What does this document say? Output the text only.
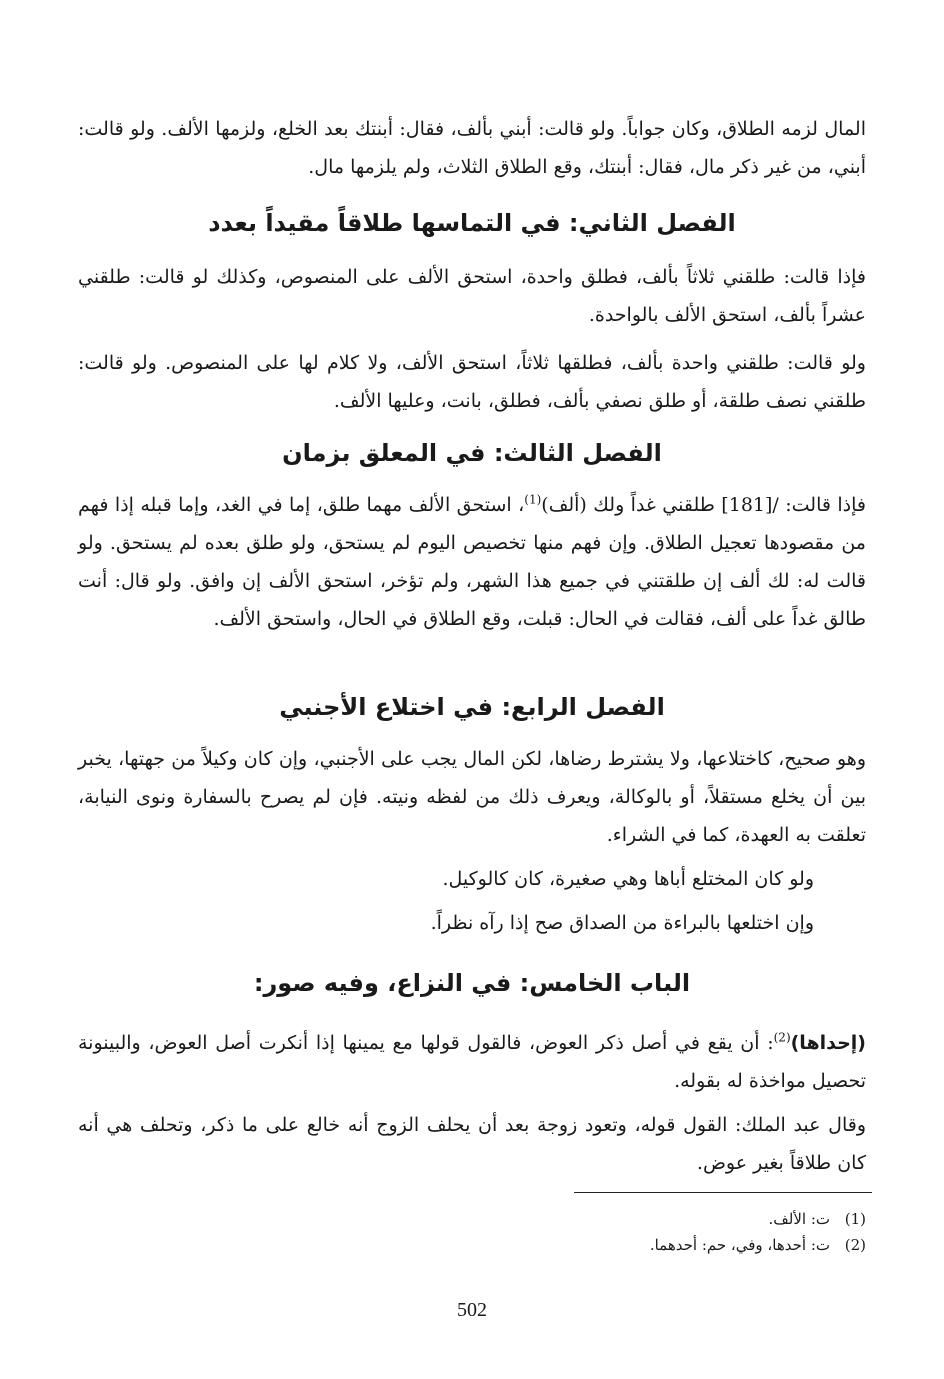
المال لزمه الطلاق، وكان جواباً. ولو قالت: أبني بألف، فقال: أبنتك بعد الخلع، ولزمها الألف. ولو قالت: أبني، من غير ذكر مال، فقال: أبنتك، وقع الطلاق الثلاث، ولم يلزمها مال.

الفصل الثاني: في التماسها طلاقاً مقيداً بعدد

فإذا قالت: طلقني ثلاثاً بألف، فطلق واحدة، استحق الألف على المنصوص، وكذلك لو قالت: طلقني عشراً بألف، استحق الألف بالواحدة.

ولو قالت: طلقني واحدة بألف، فطلقها ثلاثاً، استحق الألف، ولا كلام لها على المنصوص. ولو قالت: طلقني نصف طلقة، أو طلق نصفي بألف، فطلق، بانت، وعليها الألف.

الفصل الثالث: في المعلق بزمان

فإذا قالت: /[181] طلقني غداً ولك (ألف)$^{(1)}$، استحق الألف مهما طلق، إما في الغد، وإما قبله إذا فهم من مقصودها تعجيل الطلاق. وإن فهم منها تخصيص اليوم لم يستحق، ولو طلق بعده لم يستحق. ولو قالت له: لك ألف إن طلقتني في جميع هذا الشهر، ولم تؤخر، استحق الألف إن وافق. ولو قال: أنت طالق غداً على ألف، فقالت في الحال: قبلت، وقع الطلاق في الحال، واستحق الألف.

الفصل الرابع: في اختلاع الأجنبي

وهو صحيح، كاختلاعها، ولا يشترط رضاها، لكن المال يجب على الأجنبي، وإن كان وكيلاً من جهتها، يخبر بين أن يخلع مستقلاً، أو بالوكالة، ويعرف ذلك من لفظه ونيته. فإن لم يصرح بالسفارة ونوى النيابة، تعلقت به العهدة، كما في الشراء.

ولو كان المختلع أباها وهي صغيرة، كان كالوكيل.

وإن اختلعها بالبراءة من الصداق صح إذا رآه نظراً.

الباب الخامس: في النزاع، وفيه صور:

(إحداها)$^{(2)}$: أن يقع في أصل ذكر العوض، فالقول قولها مع يمينها إذا أنكرت أصل العوض، والبينونة تحصيل مواخذة له بقوله.

وقال عبد الملك: القول قوله، وتعود زوجة بعد أن يحلف الزوج أنه خالع على ما ذكر، وتحلف هي أنه كان طلاقاً بغير عوض.

(1)ت: الألف.

(2)ت: أحدها، وفي، حم: أحدهما.

502
